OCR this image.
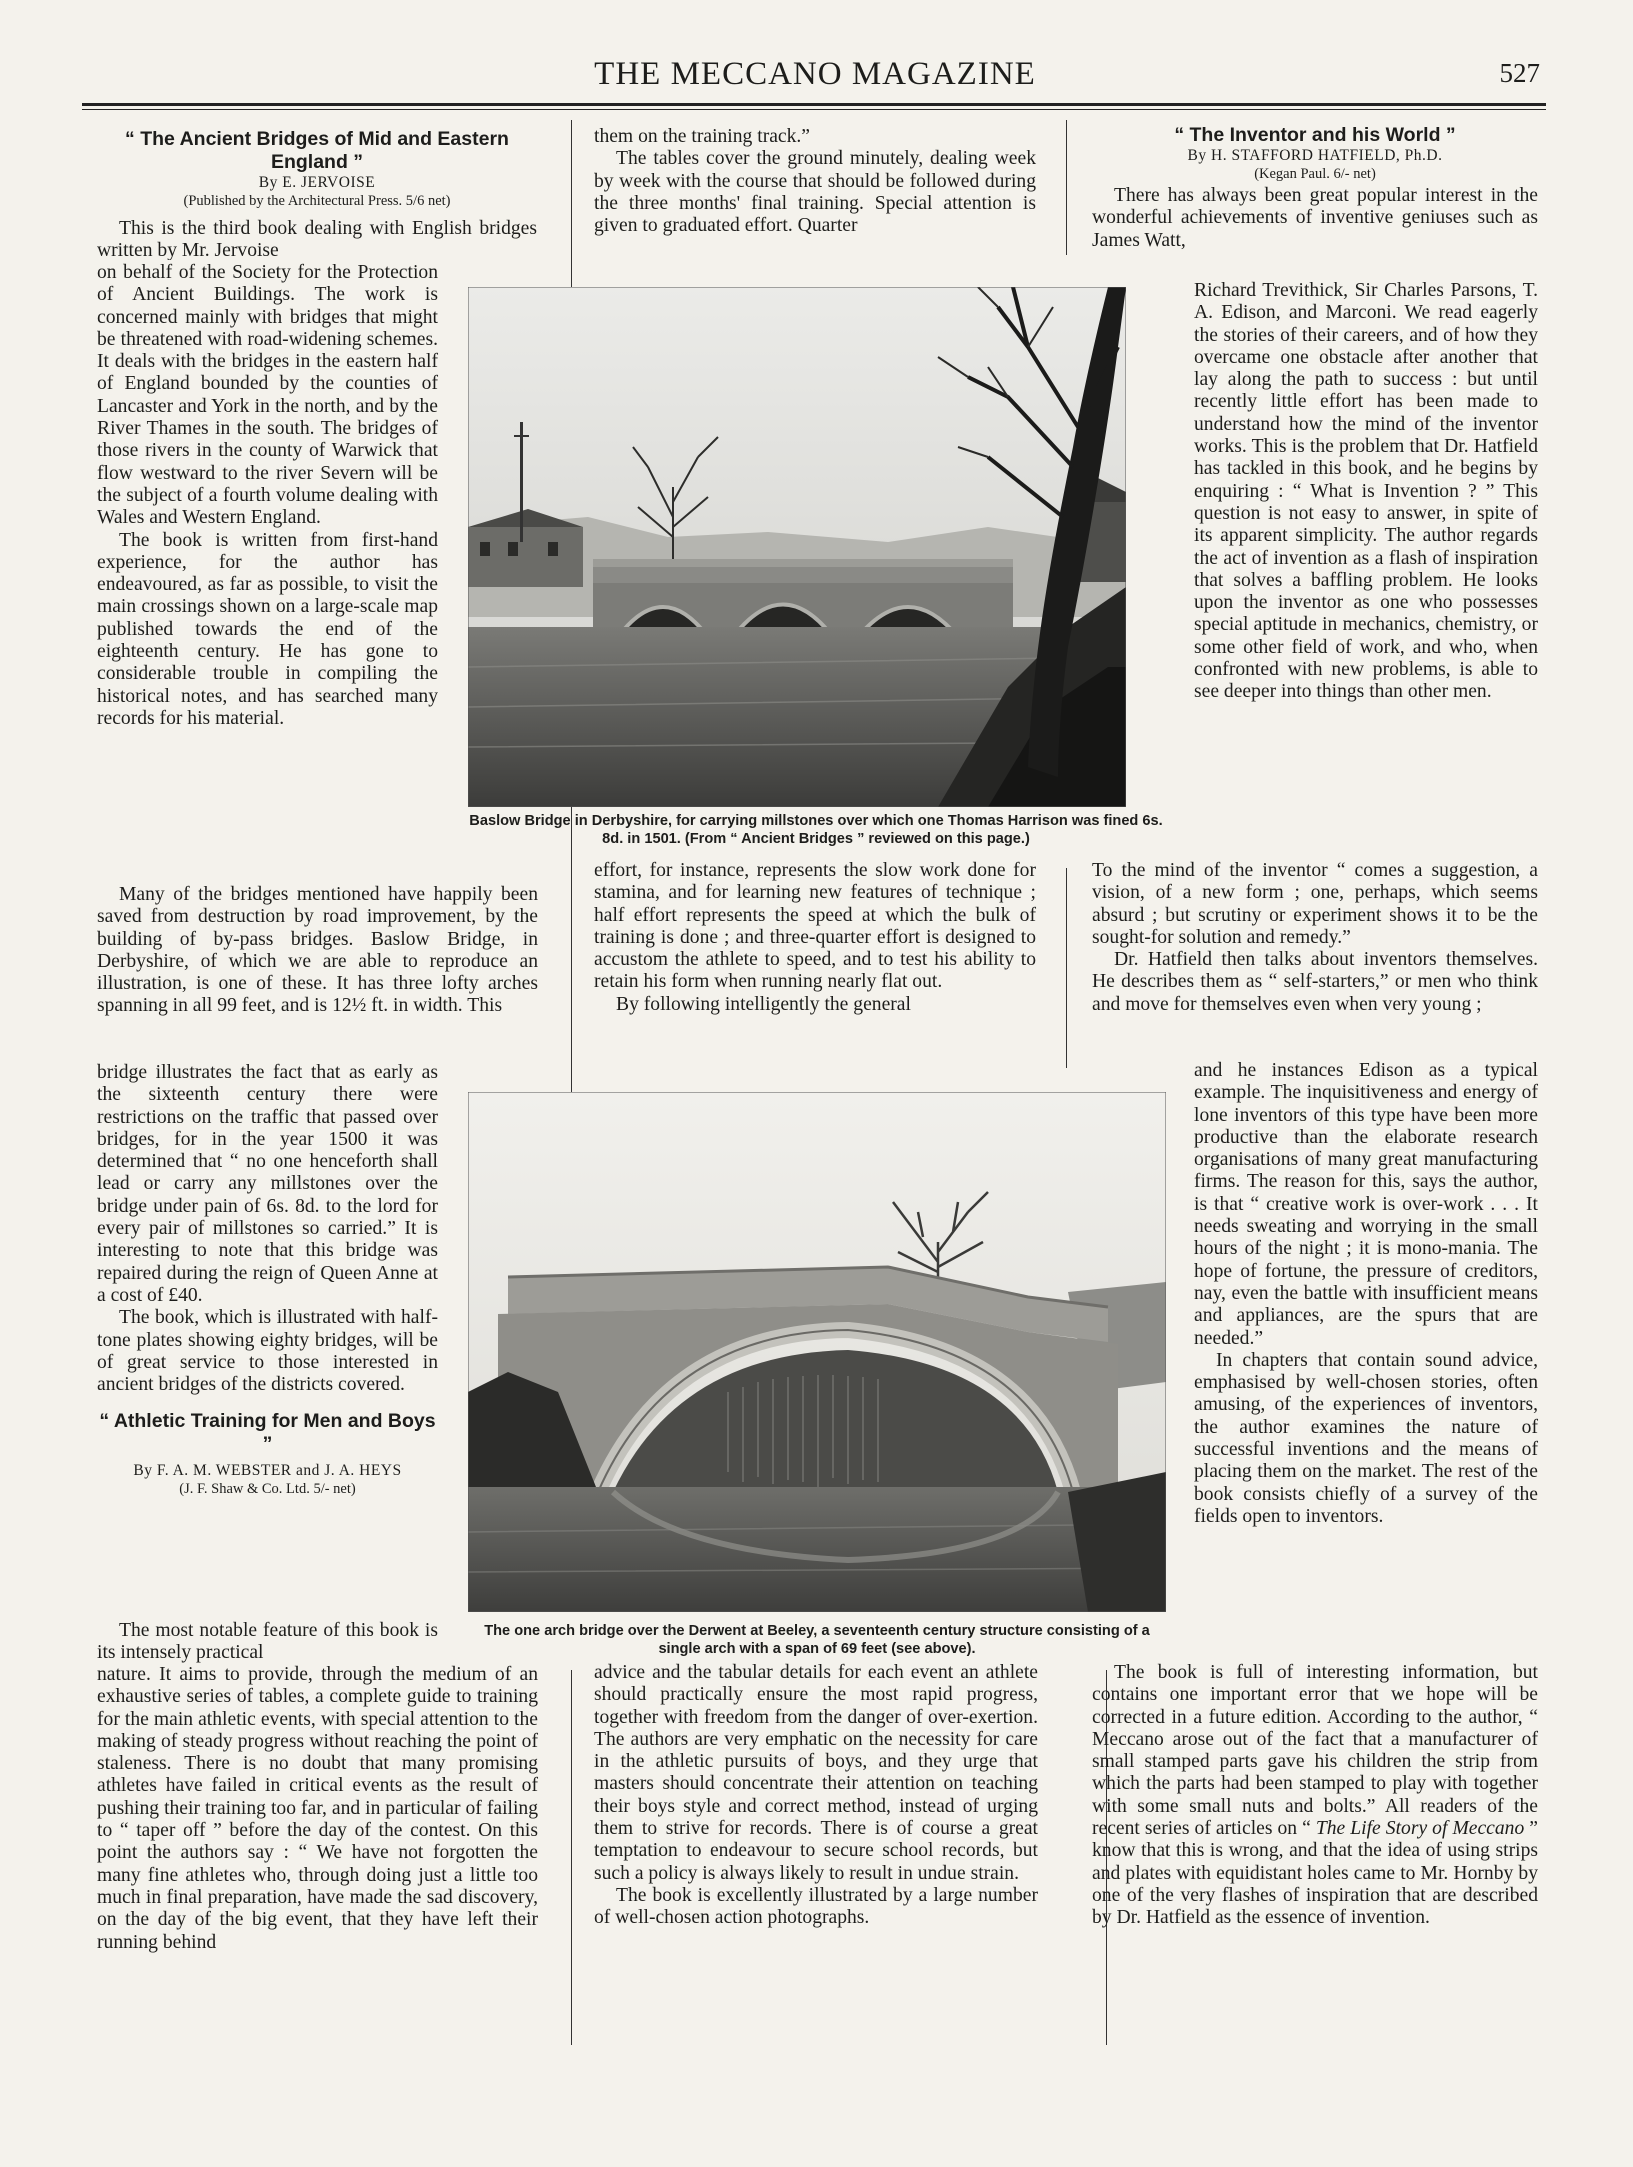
THE MECCANO MAGAZINE	527
“ The Ancient Bridges of Mid and Eastern England ”
By E. JERVOISE
(Published by the Architectural Press. 5/6 net)

This is the third book dealing with English bridges written by Mr. Jervoise

on behalf of the Society for the Protection of Ancient Buildings. The work is concerned mainly with bridges that might be threatened with road-widening schemes. It deals with the bridges in the eastern half of England bounded by the counties of Lancaster and York in the north, and by the River Thames in the south. The bridges of those rivers in the county of Warwick that flow westward to the river Severn will be the subject of a fourth volume dealing with Wales and Western England.

The book is written from first-hand experience, for the author has endeavoured, as far as possible, to visit the main crossings shown on a large-scale map published towards the end of the eighteenth century. He has gone to considerable trouble in compiling the historical notes, and has searched many records for his material.

Many of the bridges mentioned have happily been saved from destruction by road improvement, by the building of by-pass bridges. Baslow Bridge, in Derbyshire, of which we are able to reproduce an illustration, is one of these. It has three lofty arches spanning in all 99 feet, and is 12½ ft. in width. This

bridge illustrates the fact that as early as the sixteenth century there were restrictions on the traffic that passed over bridges, for in the year 1500 it was determined that “ no one henceforth shall lead or carry any millstones over the bridge under pain of 6s. 8d. to the lord for every pair of millstones so carried.” It is interesting to note that this bridge was repaired during the reign of Queen Anne at a cost of £40.

The book, which is illustrated with half-tone plates showing eighty bridges, will be of great service to those interested in ancient bridges of the districts covered.

“ Athletic Training for Men and Boys ”
By F. A. M. WEBSTER and J. A. HEYS
(J. F. Shaw & Co. Ltd. 5/- net)

The most notable feature of this book is its intensely practical

nature. It aims to provide, through the medium of an exhaustive series of tables, a complete guide to training for the main athletic events, with special attention to the making of steady progress without reaching the point of staleness. There is no doubt that many promising athletes have failed in critical events as the result of pushing their training too far, and in particular of failing to “ taper off ” before the day of the contest. On this point the authors say : “ We have not forgotten the many fine athletes who, through doing just a little too much in final preparation, have made the sad discovery, on the day of the big event, that they have left their running behind

them on the training track.”

The tables cover the ground minutely, dealing week by week with the course that should be followed during the three months' final training. Special attention is given to graduated effort. Quarter

effort, for instance, represents the slow work done for stamina, and for learning new features of technique ; half effort represents the speed at which the bulk of training is done ; and three-quarter effort is designed to accustom the athlete to speed, and to test his ability to retain his form when running nearly flat out.

By following intelligently the general

advice and the tabular details for each event an athlete should practically ensure the most rapid progress, together with freedom from the danger of over-exertion. The authors are very emphatic on the necessity for care in the athletic pursuits of boys, and they urge that masters should concentrate their attention on teaching their boys style and correct method, instead of urging them to strive for records. There is of course a great temptation to endeavour to secure school records, but such a policy is always likely to result in undue strain.

The book is excellently illustrated by a large number of well-chosen action photographs.

“ The Inventor and his World ”
By H. STAFFORD HATFIELD, Ph.D.
(Kegan Paul. 6/- net)

There has always been great popular interest in the wonderful achievements of inventive geniuses such as James Watt,

Richard Trevithick, Sir Charles Parsons, T. A. Edison, and Marconi. We read eagerly the stories of their careers, and of how they overcame one obstacle after another that lay along the path to success : but until recently little effort has been made to understand how the mind of the inventor works. This is the problem that Dr. Hatfield has tackled in this book, and he begins by enquiring : “ What is Invention ? ” This question is not easy to answer, in spite of its apparent simplicity. The author regards the act of invention as a flash of inspiration that solves a baffling problem. He looks upon the inventor as one who possesses special aptitude in mechanics, chemistry, or some other field of work, and who, when confronted with new problems, is able to see deeper into things than other men.

To the mind of the inventor “ comes a suggestion, a vision, of a new form ; one, perhaps, which seems absurd ; but scrutiny or experiment shows it to be the sought-for solution and remedy.”

Dr. Hatfield then talks about inventors themselves. He describes them as “ self-starters,” or men who think and move for themselves even when very young ;

and he instances Edison as a typical example. The inquisitiveness and energy of lone inventors of this type have been more productive than the elaborate research organisations of many great manufacturing firms. The reason for this, says the author, is that “ creative work is over-work . . . It needs sweating and worrying in the small hours of the night ; it is mono-mania. The hope of fortune, the pressure of creditors, nay, even the battle with insufficient means and appliances, are the spurs that are needed.”

In chapters that contain sound advice, emphasised by well-chosen stories, often amusing, of the experiences of inventors, the author examines the nature of successful inventions and the means of placing them on the market. The rest of the book consists chiefly of a survey of the fields open to inventors.

The book is full of interesting information, but contains one important error that we hope will be corrected in a future edition. According to the author, “ Meccano arose out of the fact that a manufacturer of small stamped parts gave his children the strip from which the parts had been stamped to play with together with some small nuts and bolts.” All readers of the recent series of articles on “ The Life Story of Meccano ” know that this is wrong, and that the idea of using strips and plates with equidistant holes came to Mr. Hornby by one of the very flashes of inspiration that are described by Dr. Hatfield as the essence of invention.

Baslow Bridge in Derbyshire, for carrying millstones over which one Thomas Harrison was fined 6s. 8d. in 1501. (From “ Ancient Bridges ” reviewed on this page.)
The one arch bridge over the Derwent at Beeley, a seventeenth century structure consisting of a single arch with a span of 69 feet (see above).
